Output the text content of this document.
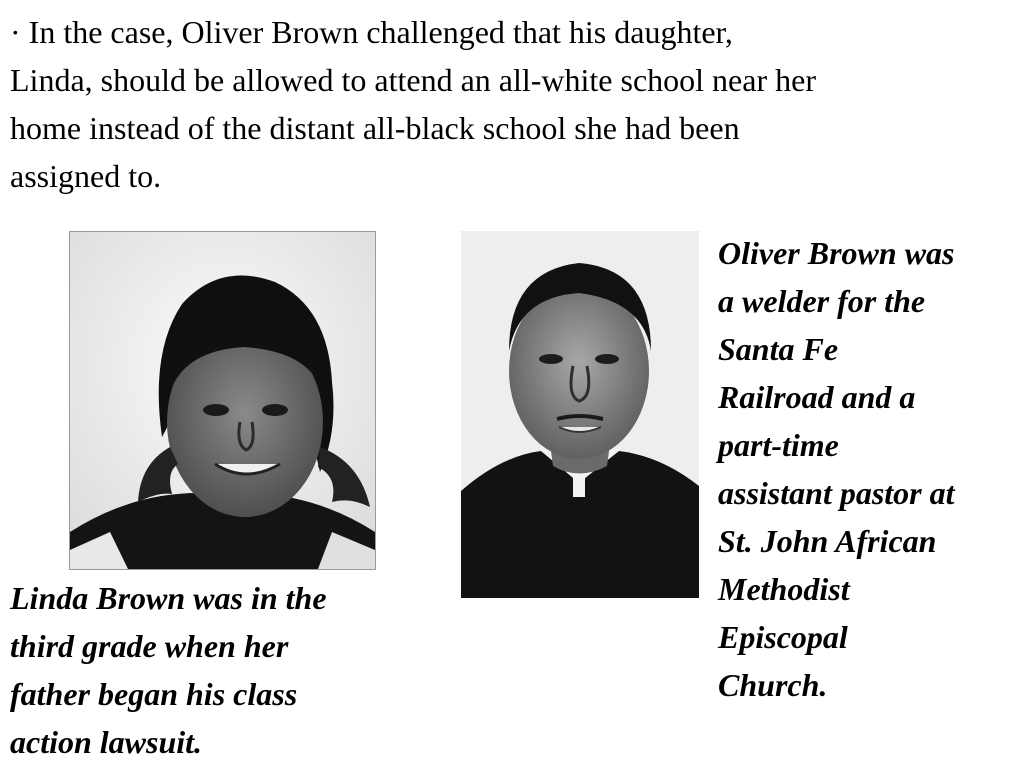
· In the case, Oliver Brown challenged that his daughter,
Linda, should be allowed to attend an all-white school near her
home instead of the distant all-black school she had been
assigned to.

Linda Brown was in the
third grade when her
father began his class
action lawsuit.

Oliver Brown was
a welder for the
Santa Fe
Railroad and a
part-time
assistant pastor at
St. John African
Methodist
Episcopal
Church.
